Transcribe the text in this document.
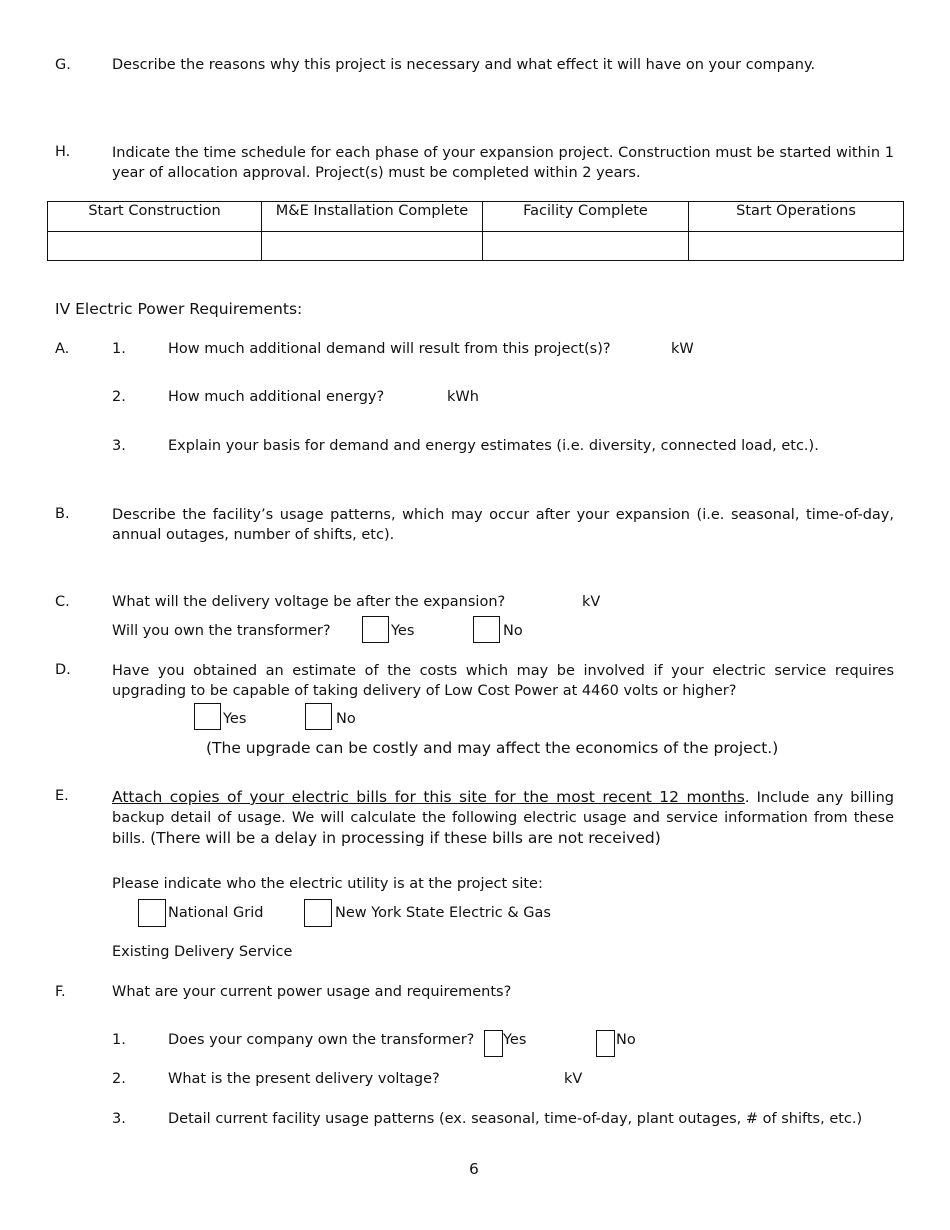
G.	Describe the reasons why this project is necessary and what effect it will have on your company.
H.	Indicate the time schedule for each phase of your expansion project. Construction must be started within 1 year of allocation approval. Project(s) must be completed within 2 years.
Start Construction	M&E Installation Complete	Facility Complete	Start Operations

IV Electric Power Requirements:
A.	1.	How much additional demand will result from this project(s)?	kW
2.	How much additional energy?	kWh
3.	Explain your basis for demand and energy estimates (i.e. diversity, connected load, etc.).
B.	Describe the facility’s usage patterns, which may occur after your expansion (i.e. seasonal, time-of-day, annual outages, number of shifts, etc).
C.	What will the delivery voltage be after the expansion?	kV
Will you own the transformer?	Yes	No
D.	Have you obtained an estimate of the costs which may be involved if your electric service requires upgrading to be capable of taking delivery of Low Cost Power at 4460 volts or higher?
Yes	No
(The upgrade can be costly and may affect the economics of the project.)
E.	Attach copies of your electric bills for this site for the most recent 12 months. Include any billing backup detail of usage. We will calculate the following electric usage and service information from these bills. (There will be a delay in processing if these bills are not received)
Please indicate who the electric utility is at the project site:
National Grid	New York State Electric & Gas
Existing Delivery Service
F.	What are your current power usage and requirements?
1.	Does your company own the transformer? Yes	No
2.	What is the present delivery voltage?	kV
3.	Detail current facility usage patterns (ex. seasonal, time-of-day, plant outages, # of shifts, etc.)
6
